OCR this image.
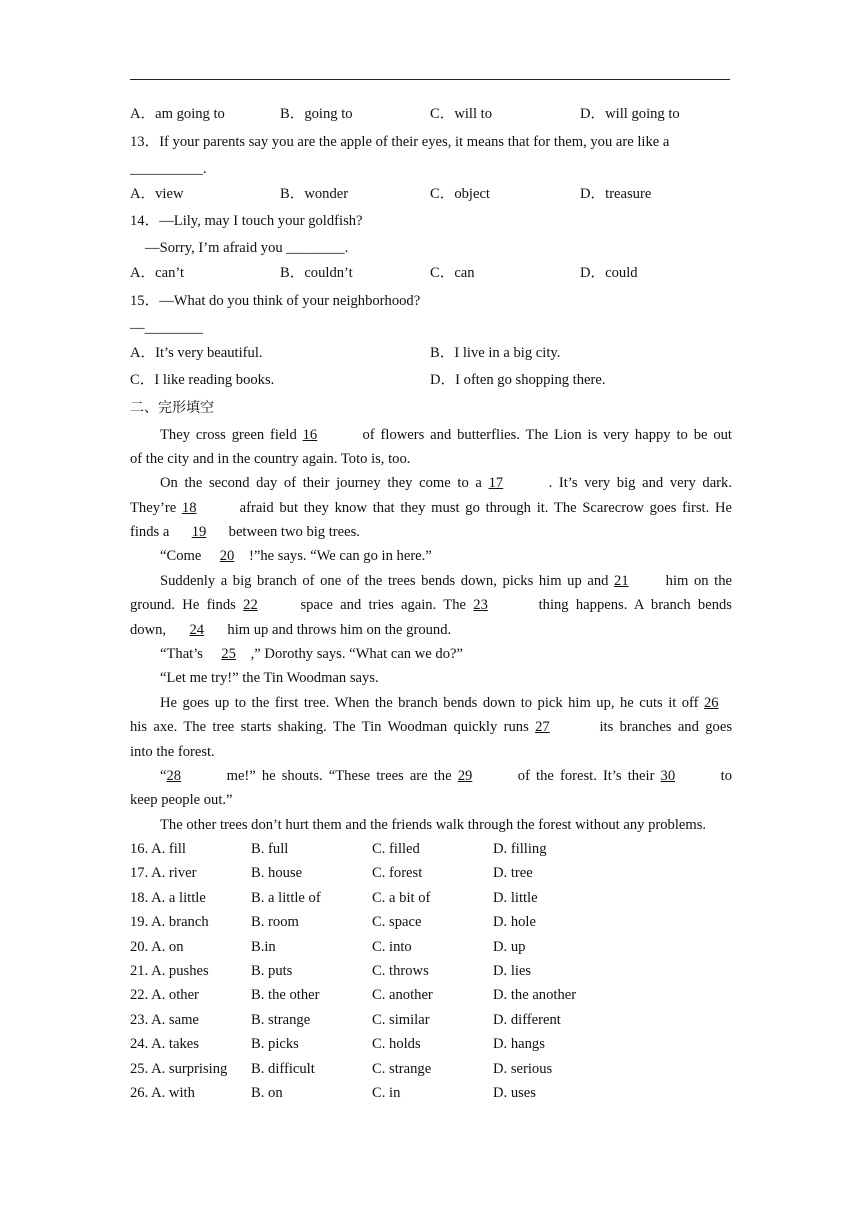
A．am going to	B．going to	C．will to	D．will going to
13．If your parents say you are the apple of their eyes, it means that for them, you are like a
__________.
A．view	B．wonder	C．object	D．treasure
14．—Lily, may I touch your goldfish?
—Sorry, I’m afraid you ________.
A．can’t	B．couldn’t	C．can	D．could
15．—What do you think of your neighborhood?
—________
A．It’s very beautiful.	B．I live in a big city.
C．I like reading books.	D．I often go shopping there.
二、完形填空
They cross green field 16	of flowers and butterflies. The Lion is very happy to be out
of the city and in the country again. Toto is, too.
On the second day of their journey they come to a 17	. It’s very big and very dark.
They’re 18	afraid but they know that they must go through it. The Scarecrow goes first. He
finds a 19 between two big trees.
“Come 20 !”he says. “We can go in here.”
Suddenly a big branch of one of the trees bends down, picks him up and 21	him on the
ground. He finds 22	space and tries again. The 23	thing happens. A branch bends
down, 24 him up and throws him on the ground.
“That’s 25 ,” Dorothy says. “What can we do?”
“Let me try!” the Tin Woodman says.
He goes up to the first tree. When the branch bends down to pick him up, he cuts it off 26
his axe. The tree starts shaking. The Tin Woodman quickly runs 27	its branches and goes
into the forest.
“28	me!” he shouts. “These trees are the 29	of the forest. It’s their 30	to
keep people out.”
The other trees don’t hurt them and the friends walk through the forest without any problems.
16. A. fill	B. full	C. filled	D. filling
17. A. river	B. house	C. forest	D. tree
18. A. a little	B. a little of	C. a bit of	D. little
19. A. branch	B. room	C. space	D. hole
20. A. on	B.in	C. into	D. up
21. A. pushes	B. puts	C. throws	D. lies
22. A. other	B. the other	C. another	D. the another
23. A. same	B. strange	C. similar	D. different
24. A. takes	B. picks	C. holds	D. hangs
25. A. surprising B. difficult	C. strange	D. serious
26. A. with	B. on	C. in	D. uses
